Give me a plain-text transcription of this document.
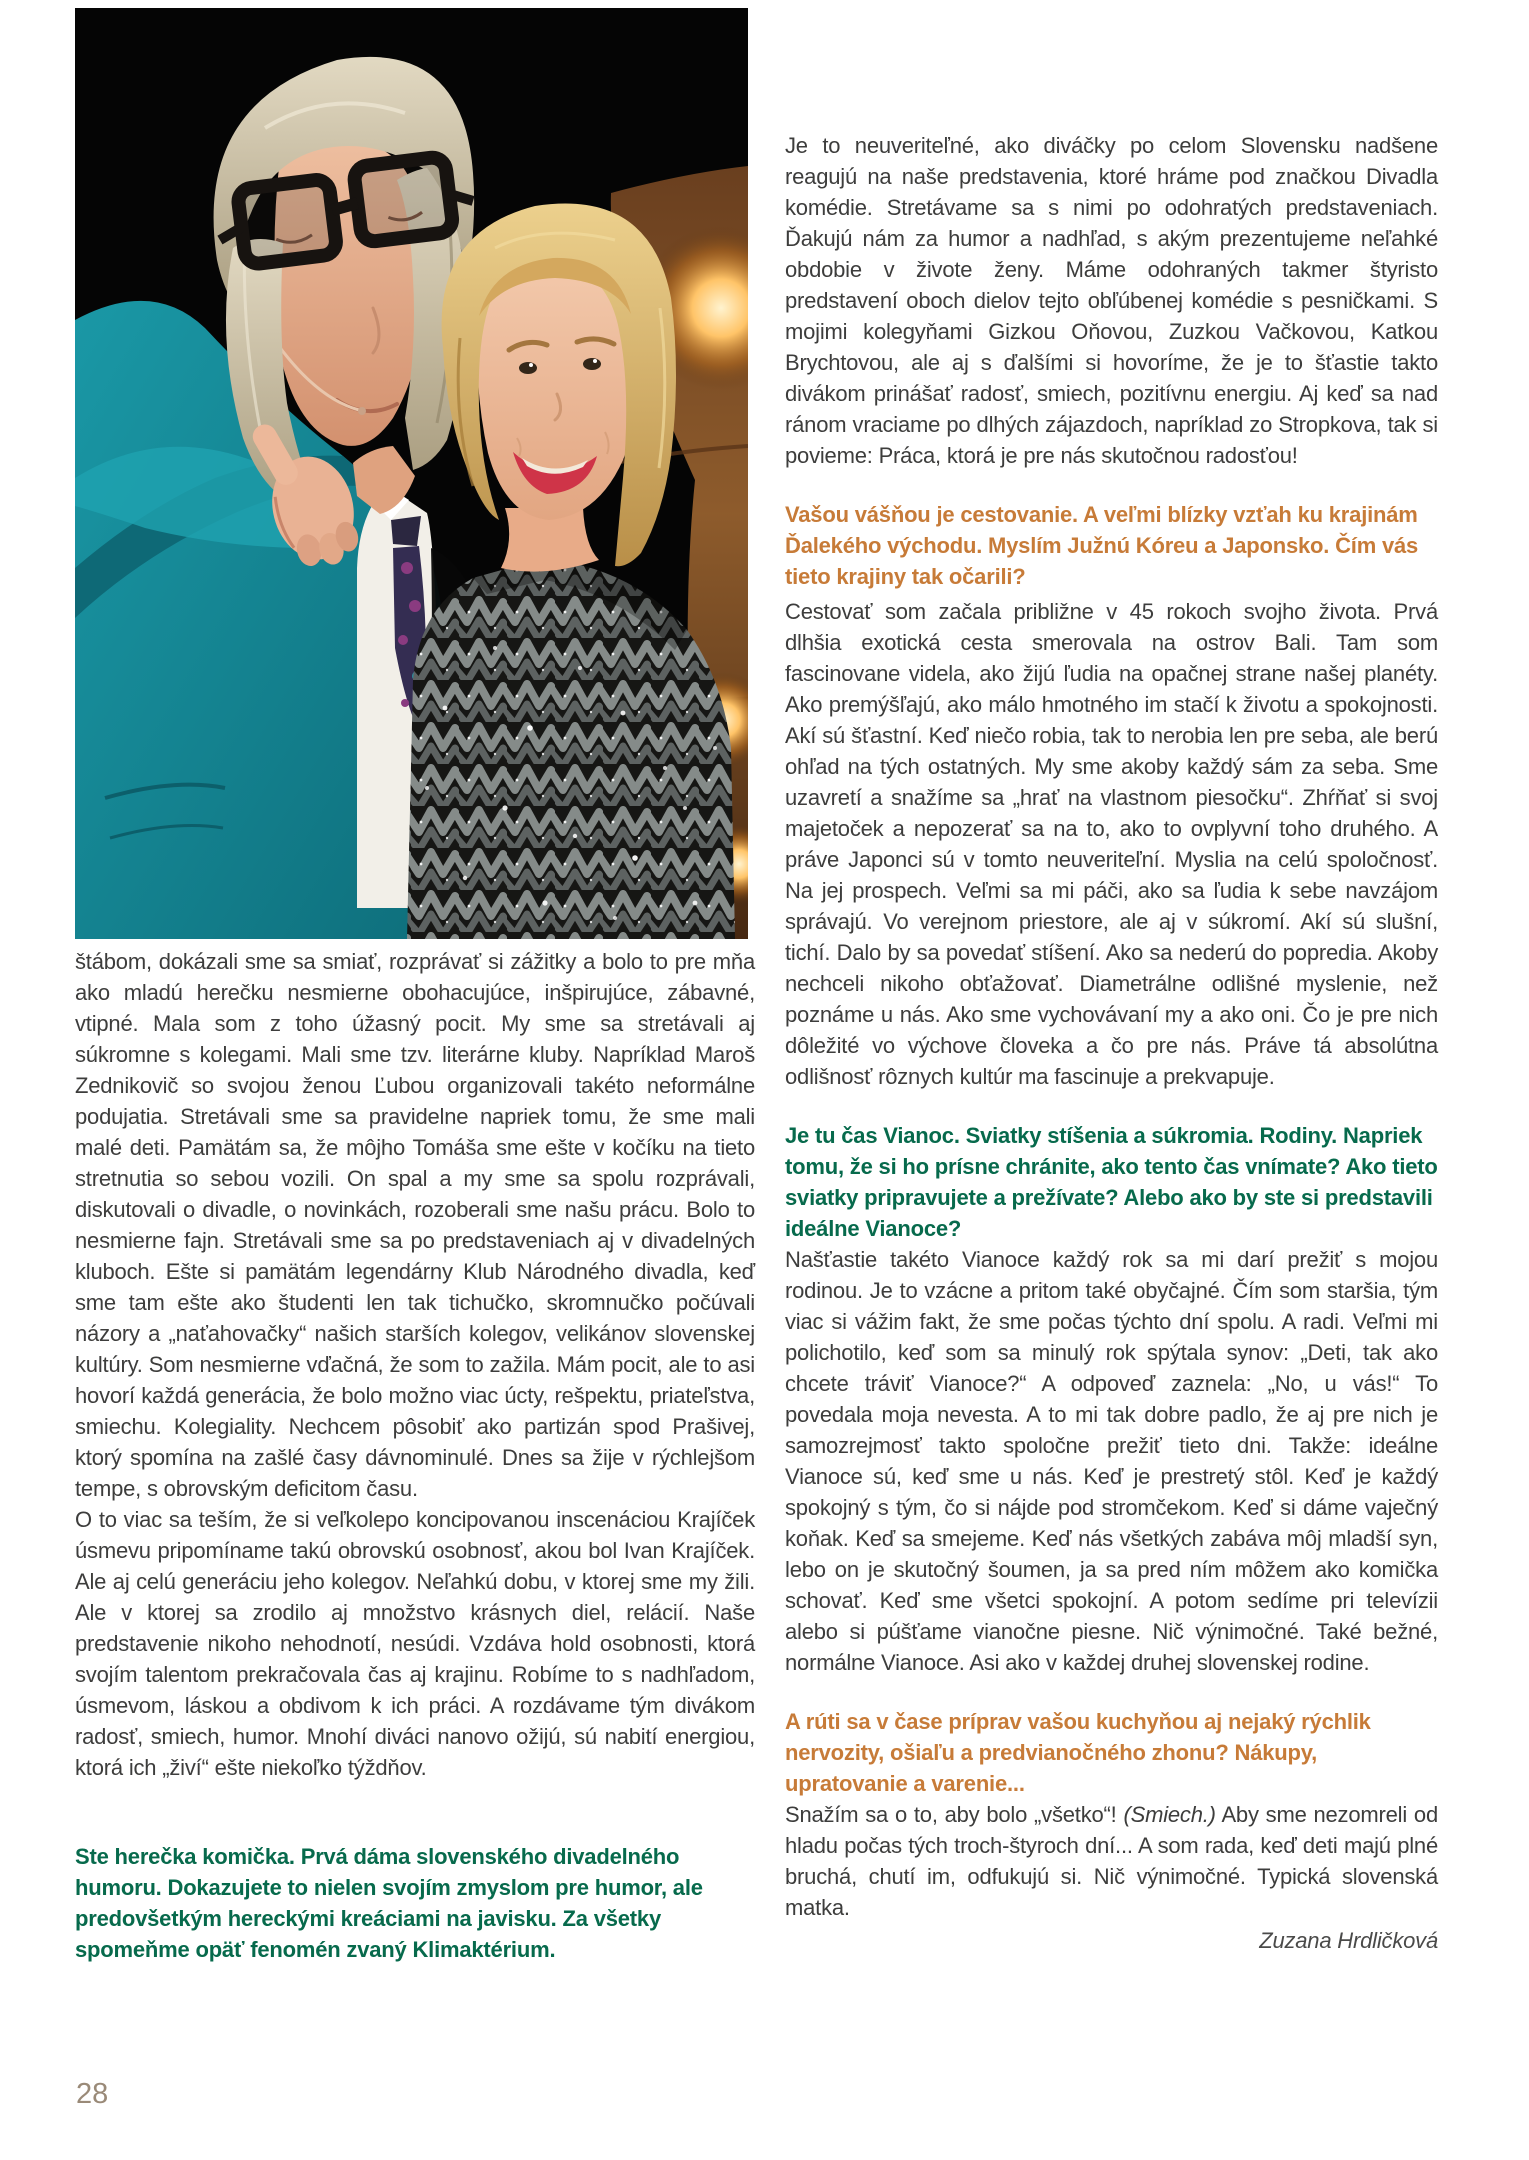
štábom, dokázali sme sa smiať, rozprávať si zážitky a bolo to pre mňa ako mladú herečku nesmierne obohacujúce, inšpirujúce, zábavné, vtipné. Mala som z toho úžasný pocit. My sme sa stretávali aj súkromne s kolegami. Mali sme tzv. literárne kluby. Napríklad Maroš Zednikovič so svojou ženou Ľubou organizovali takéto neformálne podujatia. Stretávali sme sa pravidelne napriek tomu, že sme mali malé deti. Pamätám sa, že môjho Tomáša sme ešte v kočíku na tieto stretnutia so sebou vozili. On spal a my sme sa spolu rozprávali, diskutovali o divadle, o novinkách, rozoberali sme našu prácu. Bolo to nesmierne fajn. Stretávali sme sa po predstaveniach aj v divadelných kluboch. Ešte si pamätám legendárny Klub Národného divadla, keď sme tam ešte ako študenti len tak tichučko, skromnučko počúvali názory a „naťahovačky“ našich starších kolegov, velikánov slovenskej kultúry. Som nesmierne vďačná, že som to zažila. Mám pocit, ale to asi hovorí každá generácia, že bolo možno viac úcty, rešpektu, priateľstva, smiechu. Kolegiality. Nechcem pôsobiť ako partizán spod Prašivej, ktorý spomína na zašlé časy dávnominulé. Dnes sa žije v rýchlejšom tempe, s obrovským deficitom času.

O to viac sa teším, že si veľkolepo koncipovanou inscenáciou Krajíček úsmevu pripomíname takú obrovskú osobnosť, akou bol Ivan Krajíček. Ale aj celú generáciu jeho kolegov. Neľahkú dobu, v ktorej sme my žili. Ale v ktorej sa zrodilo aj množstvo krásnych diel, relácií. Naše predstavenie nikoho nehodnotí, nesúdi. Vzdáva hold osobnosti, ktorá svojím talentom prekračovala čas aj krajinu. Robíme to s nadhľadom, úsmevom, láskou a obdivom k ich práci. A rozdávame tým divákom radosť, smiech, humor. Mnohí diváci nanovo ožijú, sú nabití energiou, ktorá ich „živí“ ešte niekoľko týždňov.

Ste herečka komička. Prvá dáma slovenského divadelného humoru. Dokazujete to nielen svojím zmyslom pre humor, ale predovšetkým hereckými kreáciami na javisku. Za všetky spomeňme opäť fenomén zvaný Klimaktérium.

Je to neuveriteľné, ako diváčky po celom Slovensku nadšene reagujú na naše predstavenia, ktoré hráme pod značkou Divadla komédie. Stretávame sa s nimi po odohratých predstaveniach. Ďakujú nám za humor a nadhľad, s akým prezentujeme neľahké obdobie v živote ženy. Máme odohraných takmer štyristo predstavení oboch dielov tejto obľúbenej komédie s pesničkami. S mojimi kolegyňami Gizkou Oňovou, Zuzkou Vačkovou, Katkou Brychtovou, ale aj s ďalšími si hovoríme, že je to šťastie takto divákom prinášať radosť, smiech, pozitívnu energiu. Aj keď sa nad ránom vraciame po dlhých zájazdoch, napríklad zo Stropkova, tak si povieme: Práca, ktorá je pre nás skutočnou radosťou!

Vašou vášňou je cestovanie. A veľmi blízky vzťah ku krajinám Ďalekého východu. Myslím Južnú Kóreu a Japonsko. Čím vás tieto krajiny tak očarili?

Cestovať som začala približne v 45 rokoch svojho života. Prvá dlhšia exotická cesta smerovala na ostrov Bali. Tam som fascinovane videla, ako žijú ľudia na opačnej strane našej planéty. Ako premýšľajú, ako málo hmotného im stačí k životu a spokojnosti. Akí sú šťastní. Keď niečo robia, tak to nerobia len pre seba, ale berú ohľad na tých ostatných. My sme akoby každý sám za seba. Sme uzavretí a snažíme sa „hrať na vlastnom piesočku“. Zhŕňať si svoj majetoček a nepozerať sa na to, ako to ovplyvní toho druhého. A práve Japonci sú v tomto neuveriteľní. Myslia na celú spoločnosť. Na jej prospech. Veľmi sa mi páči, ako sa ľudia k sebe navzájom správajú. Vo verejnom priestore, ale aj v súkromí. Akí sú slušní, tichí. Dalo by sa povedať stíšení. Ako sa nederú do popredia. Akoby nechceli nikoho obťažovať. Diametrálne odlišné myslenie, než poznáme u nás. Ako sme vychovávaní my a ako oni. Čo je pre nich dôležité vo výchove človeka a čo pre nás. Práve tá absolútna odlišnosť rôznych kultúr ma fascinuje a prekvapuje.

Je tu čas Vianoc. Sviatky stíšenia a súkromia. Rodiny. Napriek tomu, že si ho prísne chránite, ako tento čas vnímate? Ako tieto sviatky pripravujete a prežívate? Alebo ako by ste si predstavili ideálne Vianoce?

Našťastie takéto Vianoce každý rok sa mi darí prežiť s mojou rodinou. Je to vzácne a pritom také obyčajné. Čím som staršia, tým viac si vážim fakt, že sme počas týchto dní spolu. A radi. Veľmi mi polichotilo, keď som sa minulý rok spýtala synov: „Deti, tak ako chcete tráviť Vianoce?“ A odpoveď zaznela: „No, u vás!“ To povedala moja nevesta. A to mi tak dobre padlo, že aj pre nich je samozrejmosť takto spoločne prežiť tieto dni. Takže: ideálne Vianoce sú, keď sme u nás. Keď je prestretý stôl. Keď je každý spokojný s tým, čo si nájde pod stromčekom. Keď si dáme vaječný koňak. Keď sa smejeme. Keď nás všetkých zabáva môj mladší syn, lebo on je skutočný šoumen, ja sa pred ním môžem ako komička schovať. Keď sme všetci spokojní. A potom sedíme pri televízii alebo si púšťame vianočne piesne. Nič výnimočné. Také bežné, normálne Vianoce. Asi ako v každej druhej slovenskej rodine.

A rúti sa v čase príprav vašou kuchyňou aj nejaký rýchlik nervozity, ošiaľu a predvianočného zhonu? Nákupy, upratovanie a varenie...

Snažím sa o to, aby bolo „všetko“! (Smiech.) Aby sme nezomreli od hladu počas tých troch-štyroch dní... A som rada, keď deti majú plné bruchá, chutí im, odfukujú si. Nič výnimočné. Typická slovenská matka.

Zuzana Hrdličková

28
